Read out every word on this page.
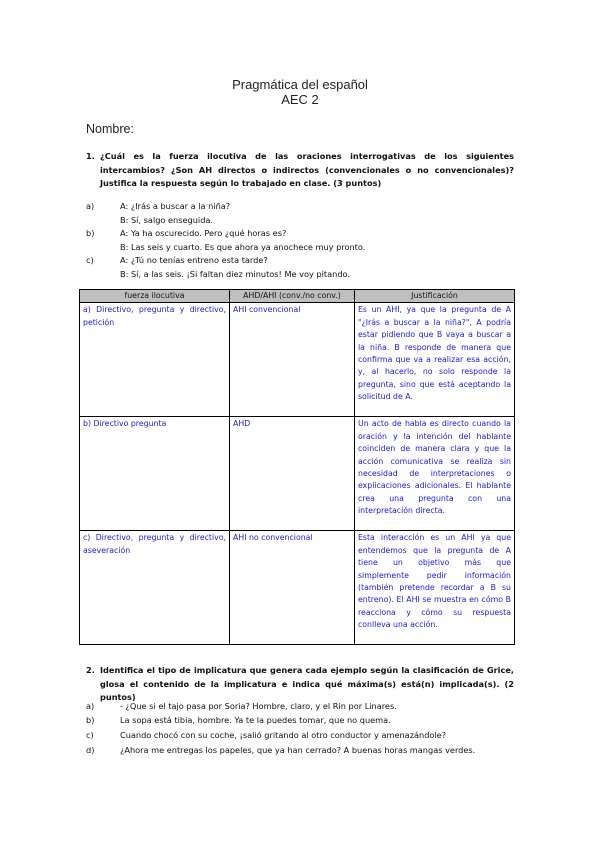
Pragmática del español
AEC 2
Nombre:
1. ¿Cuál es la fuerza ilocutiva de las oraciones interrogativas de los siguientes intercambios? ¿Son AH directos o indirectos (convencionales o no convencionales)? Justifica la respuesta según lo trabajado en clase. (3 puntos)
a)	A: ¿Irás a buscar a la niña?
B: Sí, salgo enseguida.
b)	A: Ya ha oscurecido. Pero ¿qué horas es?
B: Las seis y cuarto. Es que ahora ya anochece muy pronto.
c)	A: ¿Tú no tenías entreno esta tarde?
B: Sí, a las seis. ¡Si faltan diez minutos! Me voy pitando.
fuerza ilocutiva	AHD/AHI (conv./no conv.)	Justificación
a) Directivo, pregunta y directivo, petición	AHI convencional	Es un AHI, ya que la pregunta de A "¿Irás a buscar a la niña?", A podría estar pidiendo que B vaya a buscar a la niña. B responde de manera que confirma que va a realizar esa acción, y, al hacerlo, no solo responde la pregunta, sino que está aceptando la solicitud de A.
b) Directivo pregunta	AHD	Un acto de habla es directo cuando la oración y la intención del hablante coinciden de manera clara y que la acción comunicativa se realiza sin necesidad de interpretaciones o explicaciones adicionales. El hablante crea una pregunta con una interpretación directa.
c) Directivo, pregunta y directivo, aseveración	AHI no convencional	Esta interacción es un AHI ya que entendemos que la pregunta de A tiene un objetivo más que simplemente pedir información (también pretende recordar a B su entreno). El AHI se muestra en cómo B reacciona y cómo su respuesta conlleva una acción.
2. Identifica el tipo de implicatura que genera cada ejemplo según la clasificación de Grice, glosa el contenido de la implicatura e indica qué máxima(s) está(n) implicada(s). (2 puntos)
a)	- ¿Que si el tajo pasa por Soria? Hombre, claro, y el Rin por Linares.
b)	La sopa está tibia, hombre. Ya te la puedes tomar, que no quema.
c)	Cuando chocó con su coche, ¡salió gritando al otro conductor y amenazándole?
d)	¿Ahora me entregas los papeles, que ya han cerrado? A buenas horas mangas verdes.
